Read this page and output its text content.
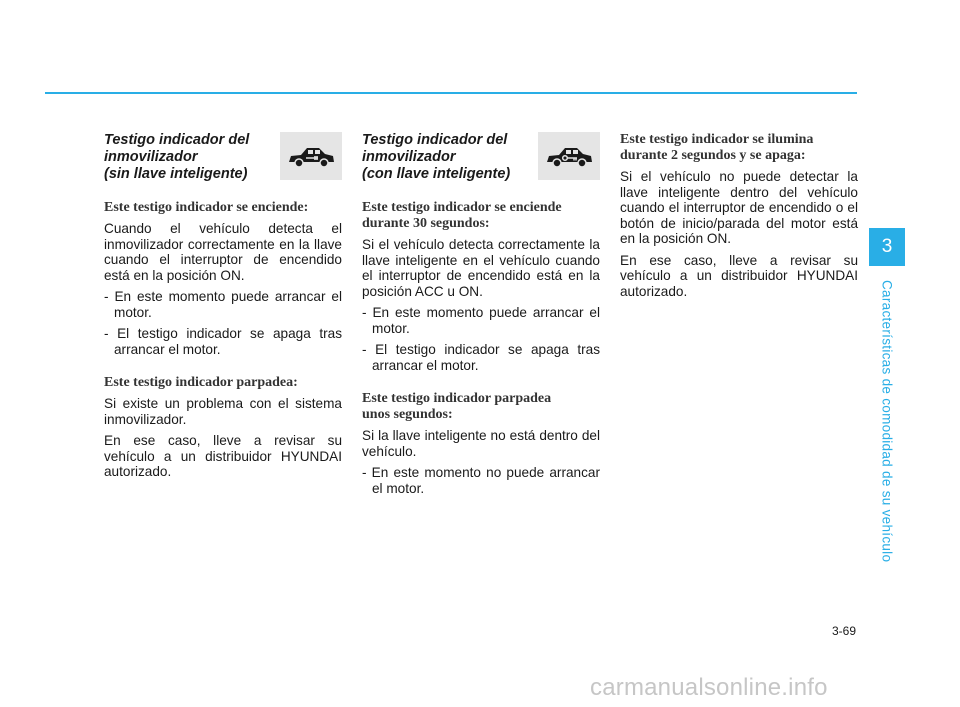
Testigo indicador del
inmovilizador
(sin llave inteligente)

Este testigo indicador se enciende:

Cuando el vehículo detecta el inmovilizador correctamente en la llave cuando el interruptor de encendido está en la posición ON.

- En este momento puede arrancar el motor.

- El testigo indicador se apaga tras arrancar el motor.

Este testigo indicador parpadea:

Si existe un problema con el sistema inmovilizador.

En ese caso, lleve a revisar su vehículo a un distribuidor HYUNDAI autorizado.

Testigo indicador del
inmovilizador
(con llave inteligente)

Este testigo indicador se enciende
durante 30 segundos:

Si el vehículo detecta correctamente la llave inteligente en el vehículo cuando el interruptor de encendido está en la posición ACC u ON.

- En este momento puede arrancar el motor.

- El testigo indicador se apaga tras arrancar el motor.

Este testigo indicador parpadea
unos segundos:

Si la llave inteligente no está dentro del vehículo.

- En este momento no puede arrancar el motor.

Este testigo indicador se ilumina
durante 2 segundos y se apaga:

Si el vehículo no puede detectar la llave inteligente dentro del vehículo cuando el interruptor de encendido o el botón de inicio/parada del motor está en la posición ON.

En ese caso, lleve a revisar su vehículo a un distribuidor HYUNDAI autorizado.

3
Características de comodidad de su vehículo
3-69
carmanualsonline.info
